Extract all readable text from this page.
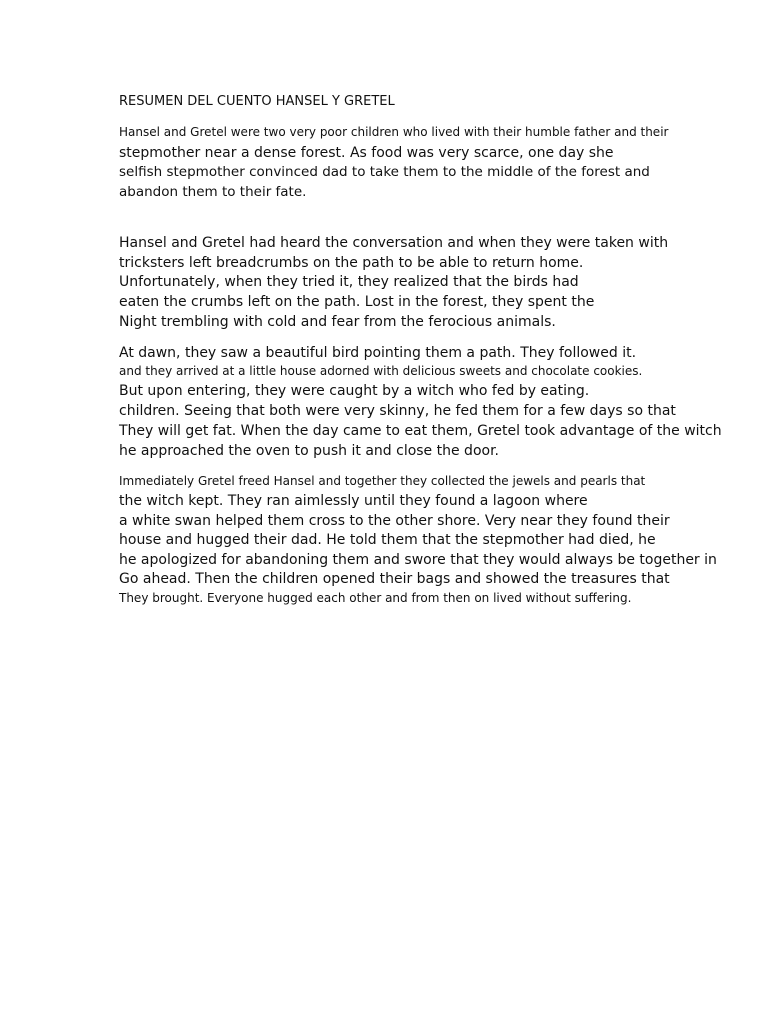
RESUMEN DEL CUENTO HANSEL Y GRETEL
Hansel and Gretel were two very poor children who lived with their humble father and their
stepmother near a dense forest. As food was very scarce, one day she
selfish stepmother convinced dad to take them to the middle of the forest and
abandon them to their fate.
Hansel and Gretel had heard the conversation and when they were taken with
tricksters left breadcrumbs on the path to be able to return home.
Unfortunately, when they tried it, they realized that the birds had
eaten the crumbs left on the path. Lost in the forest, they spent the
Night trembling with cold and fear from the ferocious animals.
At dawn, they saw a beautiful bird pointing them a path. They followed it.
and they arrived at a little house adorned with delicious sweets and chocolate cookies.
But upon entering, they were caught by a witch who fed by eating.
children. Seeing that both were very skinny, he fed them for a few days so that
They will get fat. When the day came to eat them, Gretel took advantage of the witch
he approached the oven to push it and close the door.
Immediately Gretel freed Hansel and together they collected the jewels and pearls that
the witch kept. They ran aimlessly until they found a lagoon where
a white swan helped them cross to the other shore. Very near they found their
house and hugged their dad. He told them that the stepmother had died, he
he apologized for abandoning them and swore that they would always be together in
Go ahead. Then the children opened their bags and showed the treasures that
They brought. Everyone hugged each other and from then on lived without suffering.
